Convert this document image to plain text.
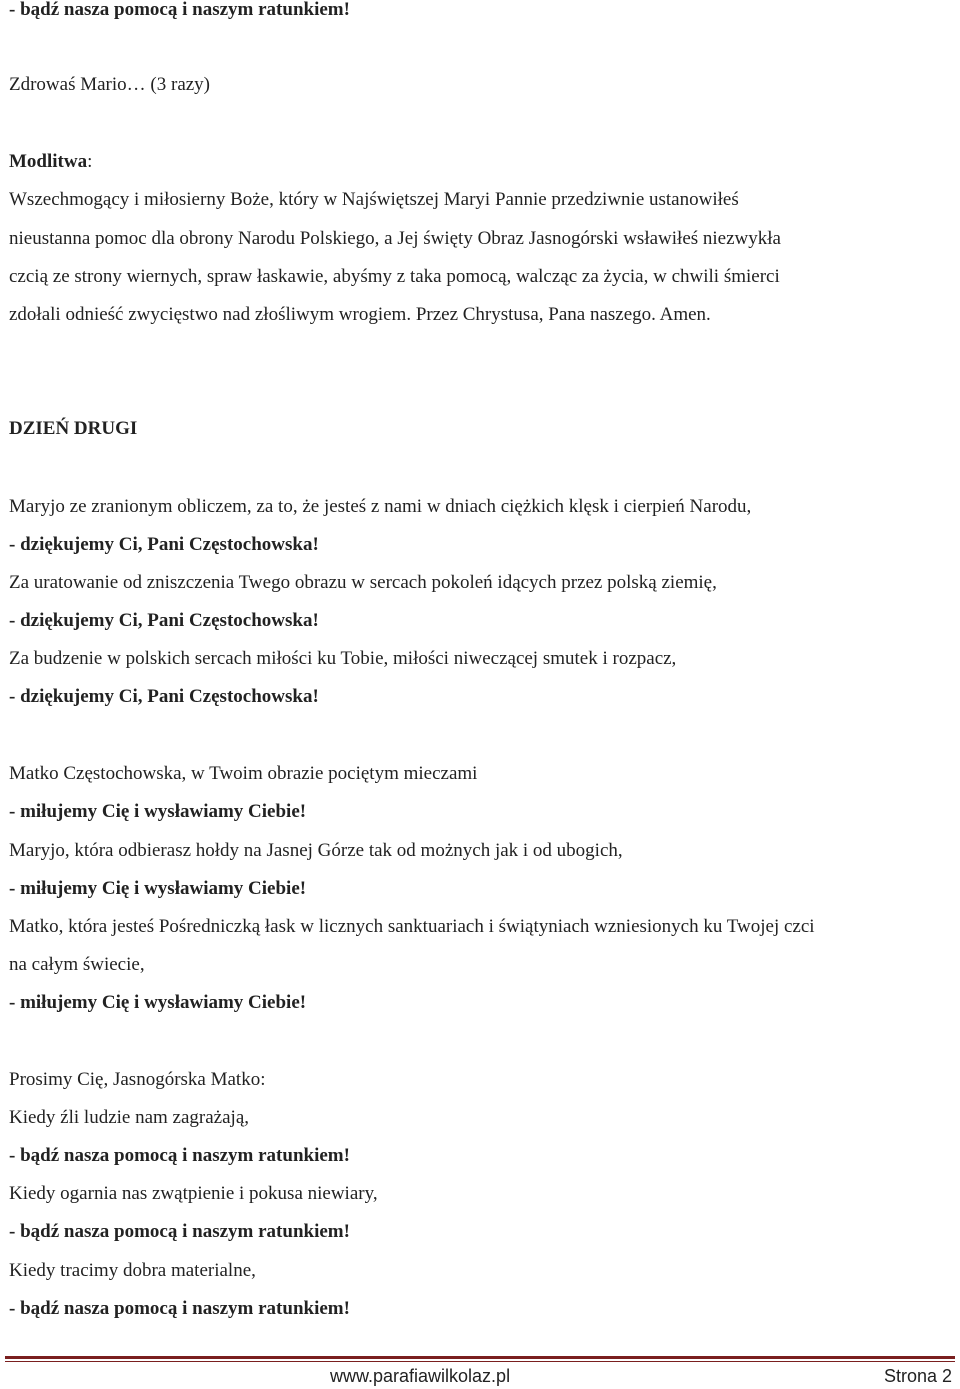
- bądź nasza pomocą i naszym ratunkiem!
Zdrowaś Mario… (3 razy)
Modlitwa:
Wszechmogący i miłosierny Boże, który w Najświętszej Maryi Pannie przedziwnie ustanowiłeś
nieustanna pomoc dla obrony Narodu Polskiego, a Jej święty Obraz Jasnogórski wsławiłeś niezwykła
czcią ze strony wiernych, spraw łaskawie, abyśmy z taka pomocą, walcząc za życia, w chwili śmierci
zdołali odnieść zwycięstwo nad złośliwym wrogiem. Przez Chrystusa, Pana naszego. Amen.
DZIEŃ DRUGI
Maryjo ze zranionym obliczem, za to, że jesteś z nami w dniach ciężkich klęsk i cierpień Narodu,
- dziękujemy Ci, Pani Częstochowska!
Za uratowanie od zniszczenia Twego obrazu w sercach pokoleń idących przez polską ziemię,
- dziękujemy Ci, Pani Częstochowska!
Za budzenie w polskich sercach miłości ku Tobie, miłości niweczącej smutek i rozpacz,
- dziękujemy Ci, Pani Częstochowska!
Matko Częstochowska, w Twoim obrazie pociętym mieczami
- miłujemy Cię i wysławiamy Ciebie!
Maryjo, która odbierasz hołdy na Jasnej Górze tak od możnych jak i od ubogich,
- miłujemy Cię i wysławiamy Ciebie!
Matko, która jesteś Pośredniczką łask w licznych sanktuariach i świątyniach wzniesionych ku Twojej czci
na całym świecie,
- miłujemy Cię i wysławiamy Ciebie!
Prosimy Cię, Jasnogórska Matko:
Kiedy źli ludzie nam zagrażają,
- bądź nasza pomocą i naszym ratunkiem!
Kiedy ogarnia nas zwątpienie i pokusa niewiary,
- bądź nasza pomocą i naszym ratunkiem!
Kiedy tracimy dobra materialne,
- bądź nasza pomocą i naszym ratunkiem!
www.parafiawilkolaz.pl	Strona 2
